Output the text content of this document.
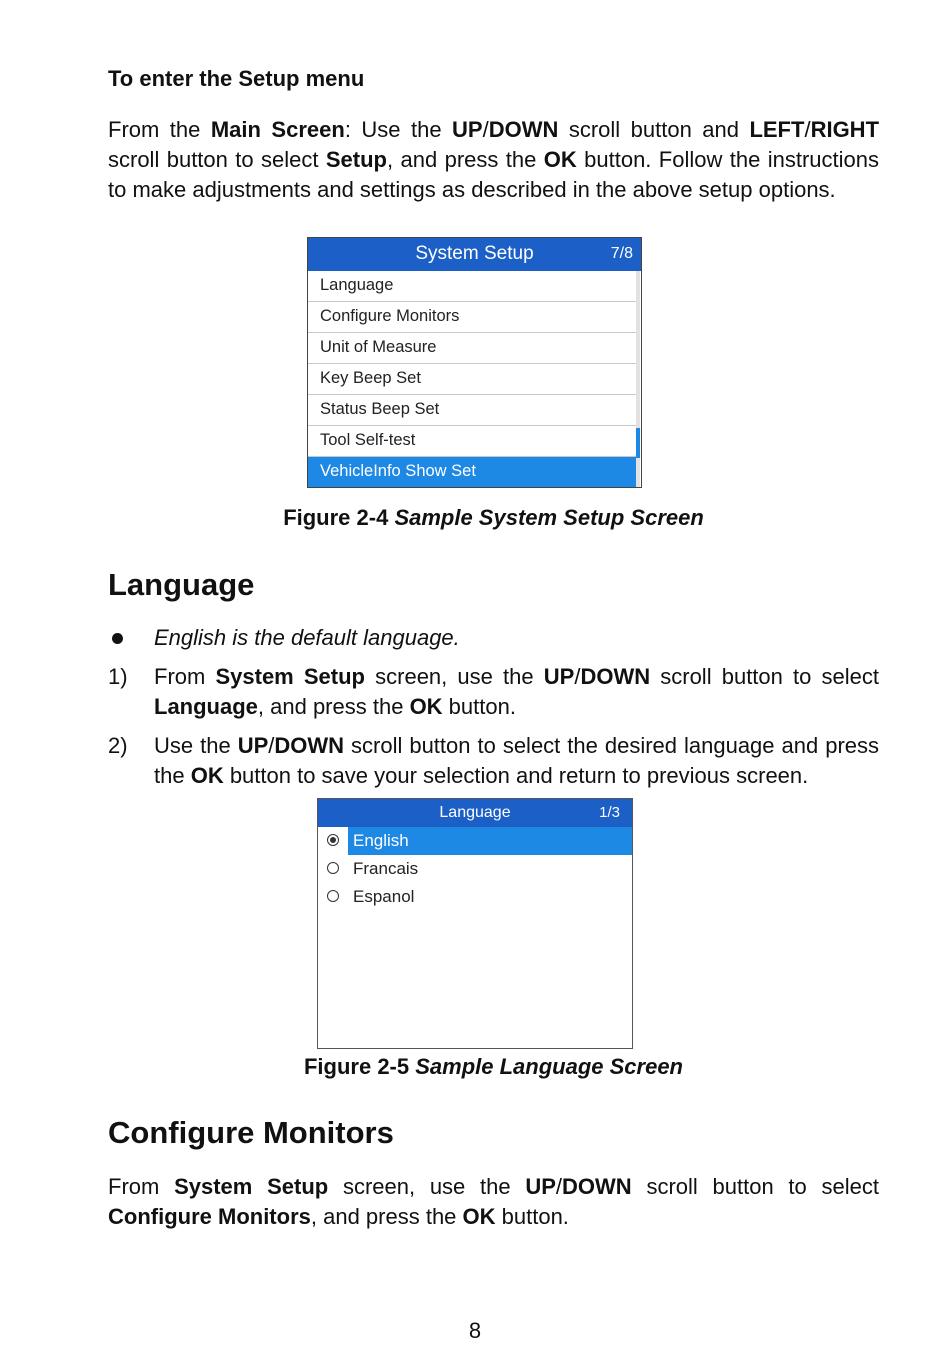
To enter the Setup menu

From the Main Screen: Use the UP/DOWN scroll button and LEFT/RIGHT scroll button to select Setup, and press the OK button. Follow the instructions to make adjustments and settings as described in the above setup options.

Figure 2-4 Sample System Setup Screen

Language
English is the default language.
1) From System Setup screen, use the UP/DOWN scroll button to select Language, and press the OK button.
2) Use the UP/DOWN scroll button to select the desired language and press the OK button to save your selection and return to previous screen.

Figure 2-5 Sample Language Screen

Configure Monitors

From System Setup screen, use the UP/DOWN scroll button to select Configure Monitors, and press the OK button.

System Setup	7/8
Language
Configure Monitors
Unit of Measure
Key Beep Set
Status Beep Set
Tool Self-test
VehicleInfo Show Set
Language	1/3
English
Francais
Espanol
8
